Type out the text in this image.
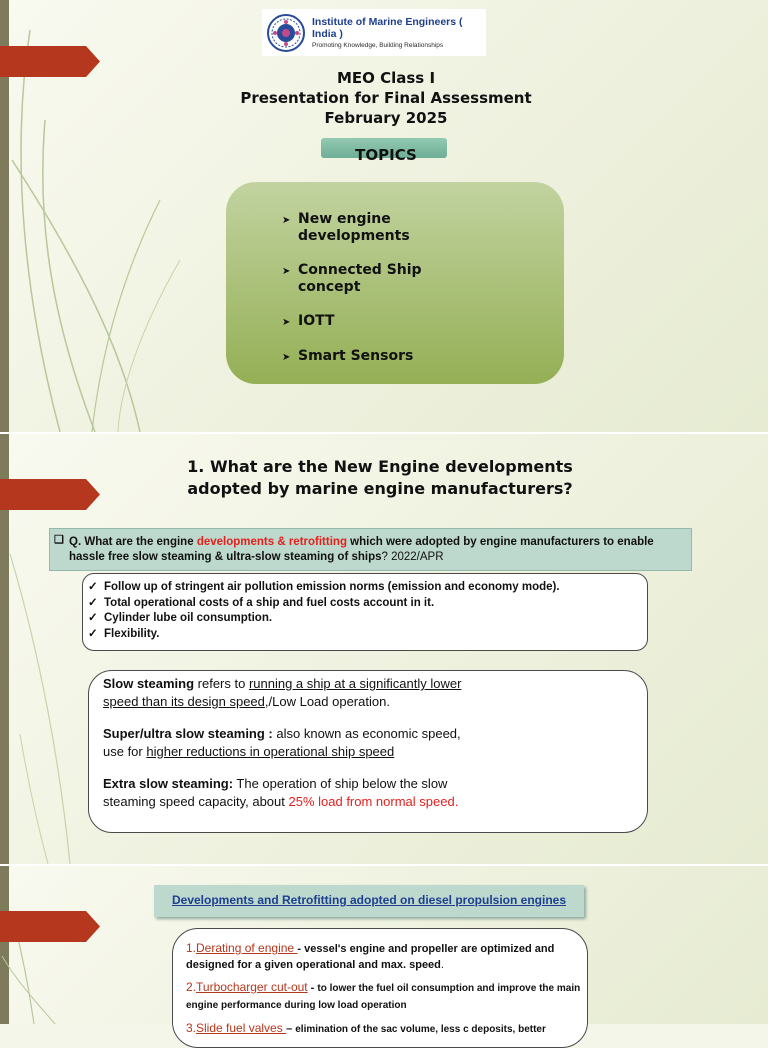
Institute of Marine Engineers ( India )
Promoting Knowledge, Building Relationships
MEO Class I
Presentation for Final Assessment
February 2025
TOPICS
➤ New engine developments
➤ Connected Ship concept
➤ IOTT
➤ Smart Sensors
1. What are the New Engine developments
adopted by marine engine manufacturers?
❑ Q. What are the engine developments & retrofitting which were adopted by engine manufacturers to enable hassle free slow steaming & ultra-slow steaming of ships? 2022/APR
✓ Follow up of stringent air pollution emission norms (emission and economy mode).
✓ Total operational costs of a ship and fuel costs account in it.
✓ Cylinder lube oil consumption.
✓ Flexibility.

Slow steaming refers to running a ship at a significantly lower speed than its design speed,/Low Load operation.

Super/ultra slow steaming : also known as economic speed, use for higher reductions in operational ship speed

Extra slow steaming: The operation of ship below the slow steaming speed capacity, about 25% load from normal speed.

Developments and Retrofitting adopted on diesel propulsion engines

1.Derating of engine - vessel's engine and propeller are optimized and designed for a given operational and max. speed.

2.Turbocharger cut-out - to lower the fuel oil consumption and improve the main engine performance during low load operation

3.Slide fuel valves – elimination of the sac volume, less c deposits, better
